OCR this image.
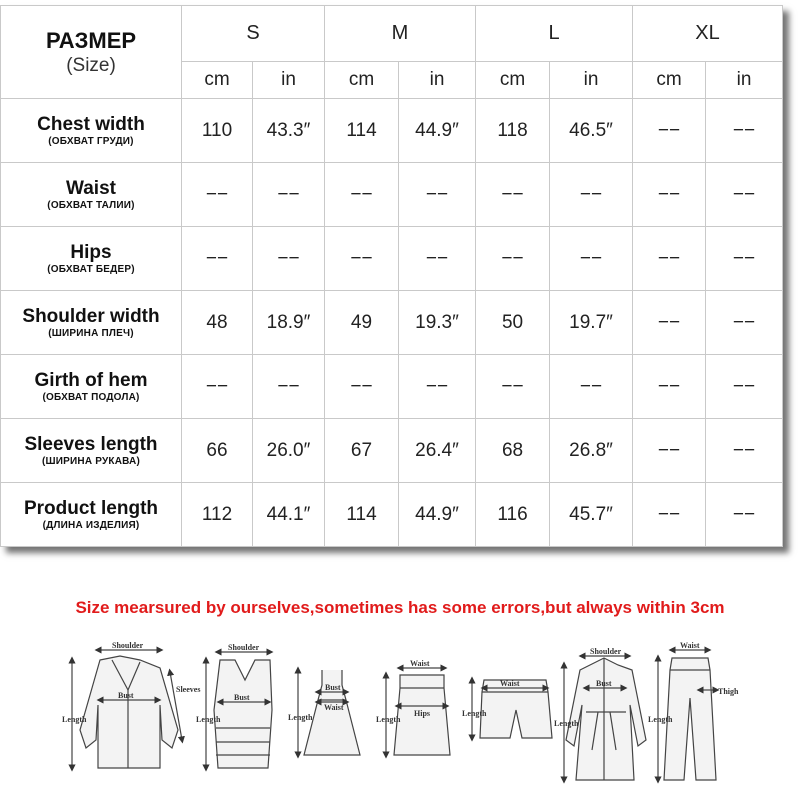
РАЗМЕР
(Size)	S		M		L		XL	
	cm	in	cm	in	cm	in	cm	in

Chest width
(ОБХВАТ ГРУДИ)	110	43.3″	114	44.9″	118	46.5″	−−	−−

Waist
(ОБХВАТ ТАЛИИ)	−−	−−	−−	−−	−−	−−	−−	−−

Hips
(ОБХВАТ БЕДЕР)	−−	−−	−−	−−	−−	−−	−−	−−

Shoulder width
(ШИРИНА ПЛЕЧ)	48	18.9″	49	19.3″	50	19.7″	−−	−−

Girth of hem
(ОБХВАТ ПОДОЛА)	−−	−−	−−	−−	−−	−−	−−	−−

Sleeves length
(ШИРИНА РУКАВА)	66	26.0″	67	26.4″	68	26.8″	−−	−−

Product length
(ДЛИНА ИЗДЕЛИЯ)	112	44.1″	114	44.9″	116	45.7″	−−	−−
Size mearsured by ourselves,sometimes has some errors,but always within 3cm
Shoulder
Bust
Sleeves
Length
Shoulder
Bust
Length
Bust
Waist
Length
Waist
Hips
Length
Waist
Length
Shoulder
Bust
Length
Waist
Thigh
Length
